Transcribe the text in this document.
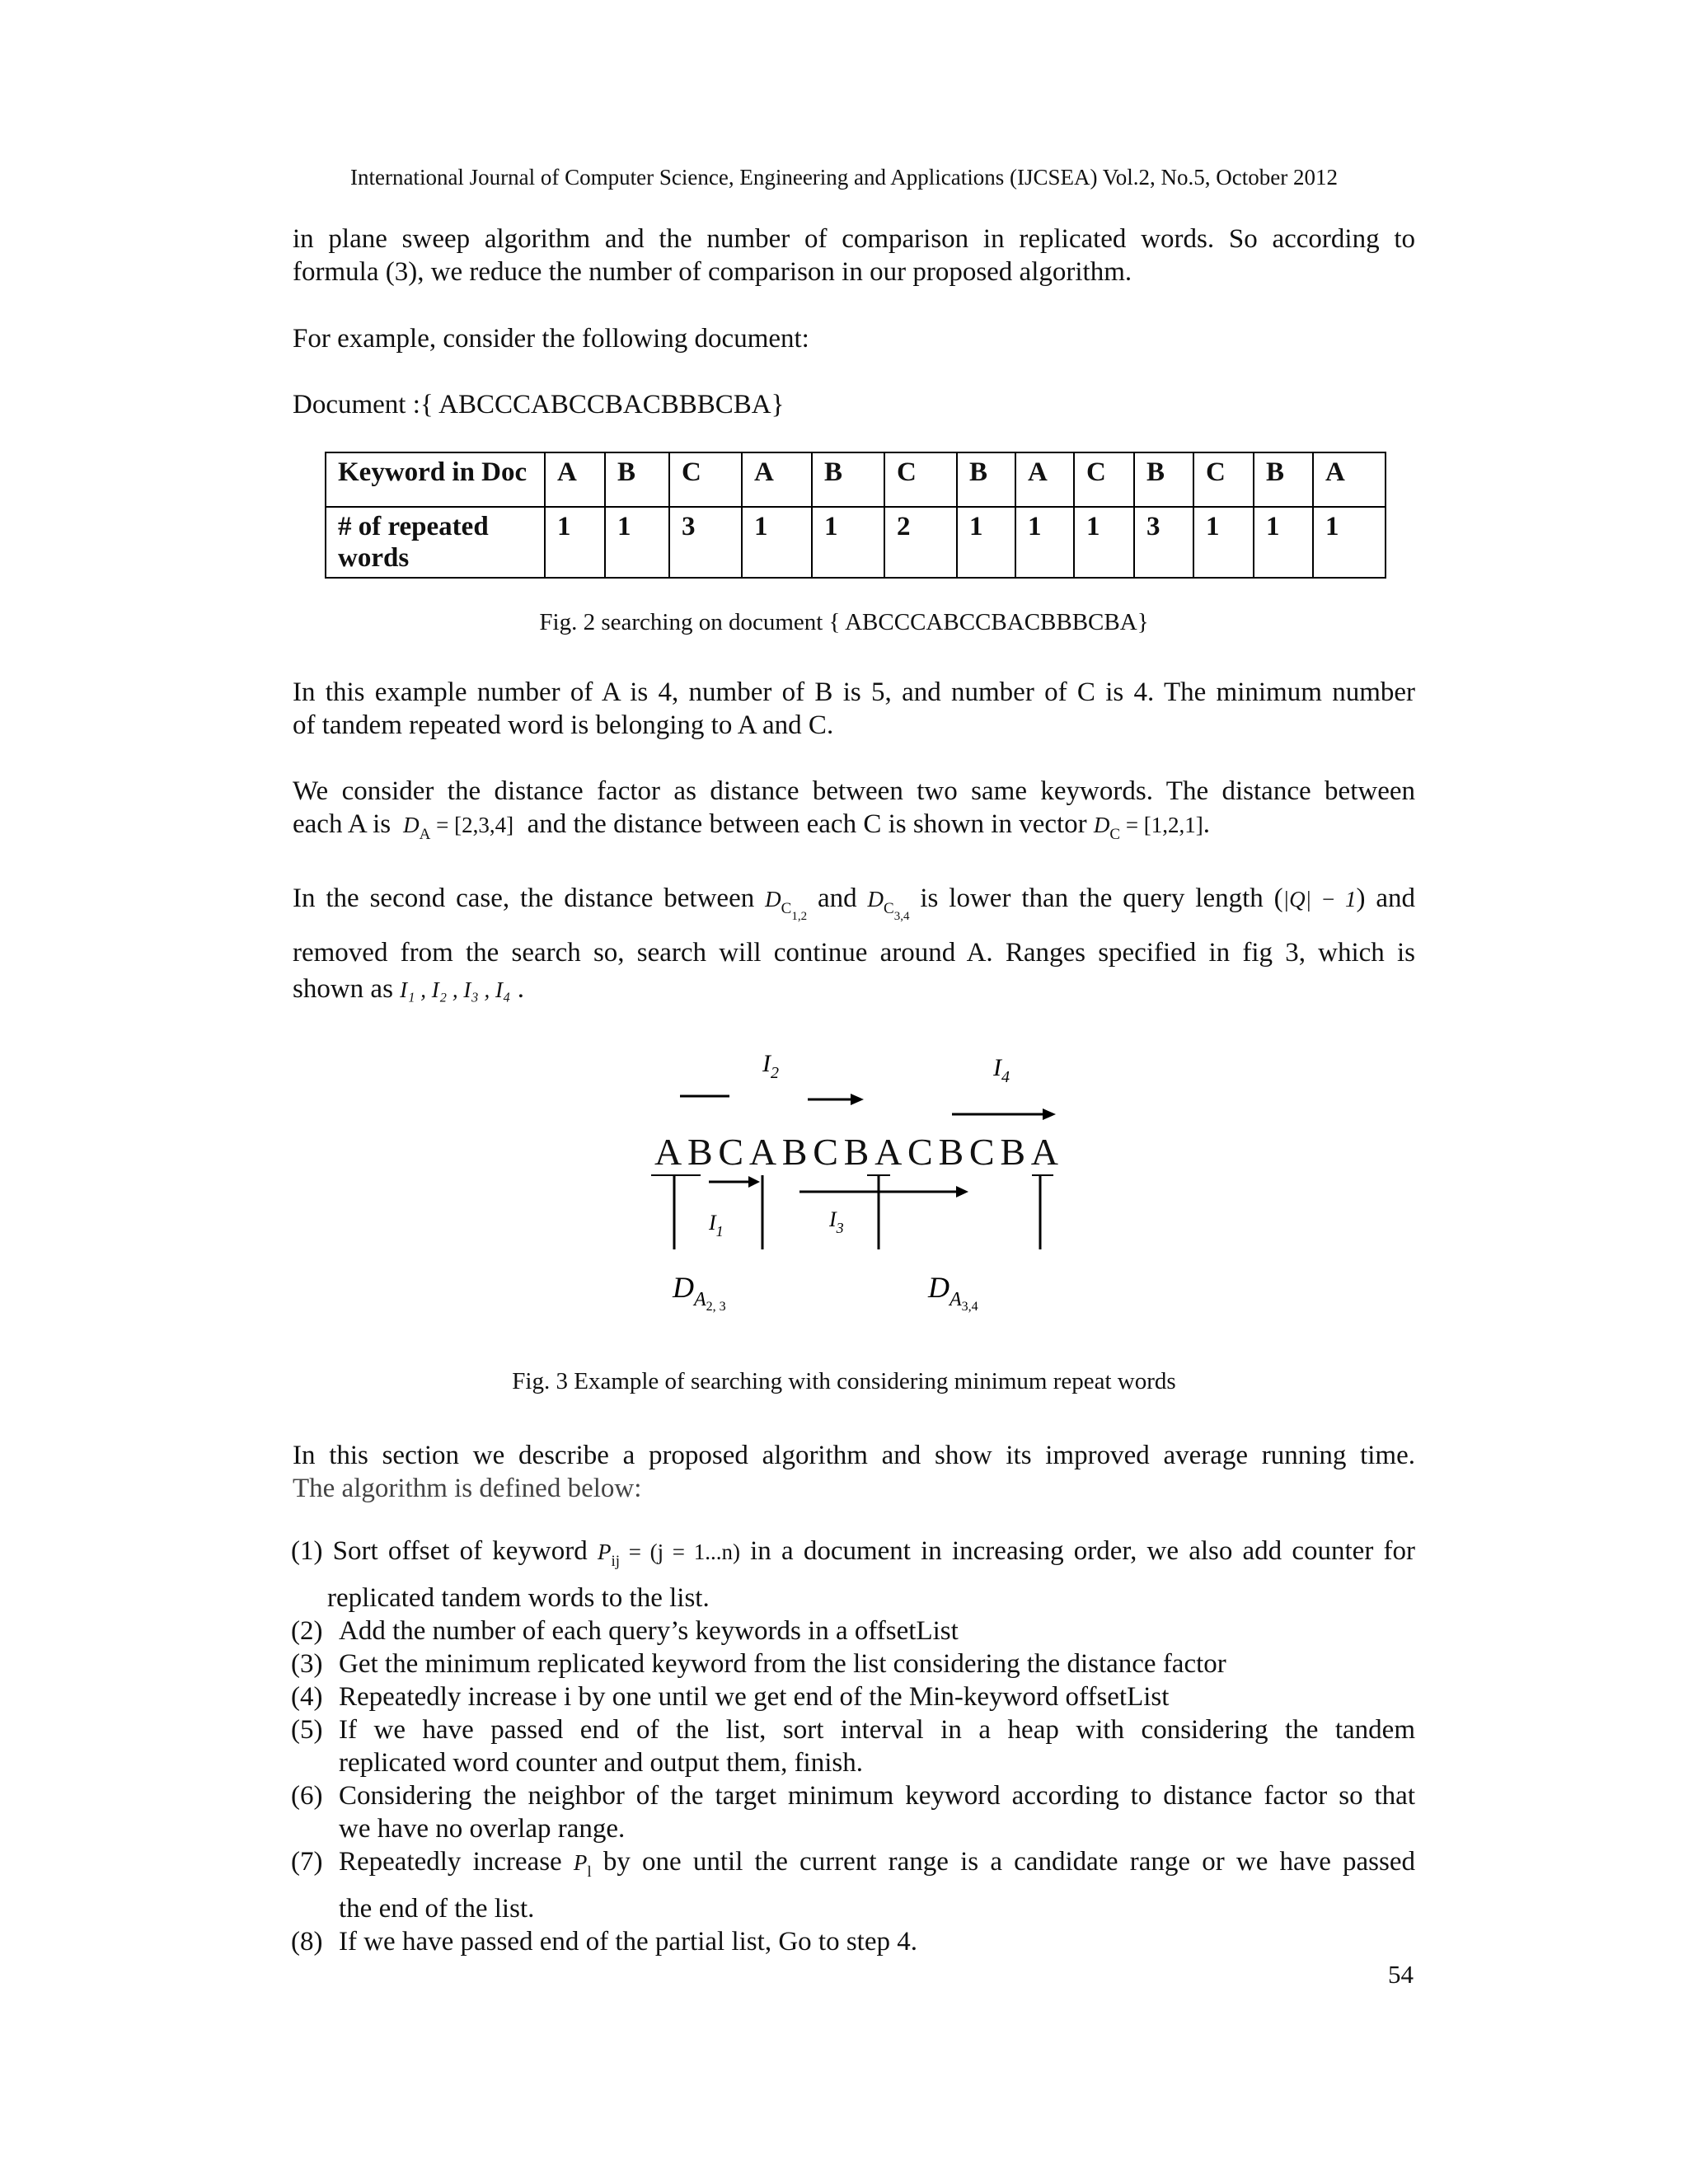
International Journal of Computer Science, Engineering and Applications (IJCSEA) Vol.2, No.5, October 2012
in plane sweep algorithm and the number of comparison in replicated words. So according to
formula (3), we reduce the number of comparison in our proposed algorithm.
For example, consider the following document:
Document :{ ABCCCABCCBACBBBCBA}
Keyword in Doc	A	B	C	A	B	C	B	A	C	B	C	B	A
# of repeated words	1	1	3	1	1	2	1	1	1	3	1	1	1
Fig. 2 searching on document { ABCCCABCCBACBBBCBA}
In this example number of A is 4, number of B is 5, and number of C is 4. The minimum number
of tandem repeated word is belonging to A and C.
We consider the distance factor as distance between two same keywords. The distance between
each A is $D_A = [2,3,4]$ and the distance between each C is shown in vector $D_C = [1,2,1]$.
In the second case, the distance between $D_{C_{1,2}}$ and $D_{C_{3,4}}$ is lower than the query length (|Q| − 1) and
removed from the search so, search will continue around A. Ranges specified in fig 3, which is
shown as I₁ , I₂ , I₃ , I₄ .
$I_2$	$I_4$
ABCABCBACBCBA
$I_1$	$I_3$
$D_A2$, 3
$D_A3,4$
Fig. 3 Example of searching with considering minimum repeat words
In this section we describe a proposed algorithm and show its improved average running time.
The algorithm is defined below:
(1) Sort offset of keyword $P_{ij} = (j = 1...n)$ in a document in increasing order, we also add counter for
replicated tandem words to the list.
(2) Add the number of each query’s keywords in a offsetList
(3) Get the minimum replicated keyword from the list considering the distance factor
(4) Repeatedly increase i by one until we get end of the Min-keyword offsetList
(5) If we have passed end of the list, sort interval in a heap with considering the tandem
replicated word counter and output them, finish.
(6) Considering the neighbor of the target minimum keyword according to distance factor so that
we have no overlap range.
(7) Repeatedly increase $P_l$ by one until the current range is a candidate range or we have passed
the end of the list.
(8) If we have passed end of the partial list, Go to step 4.
54
